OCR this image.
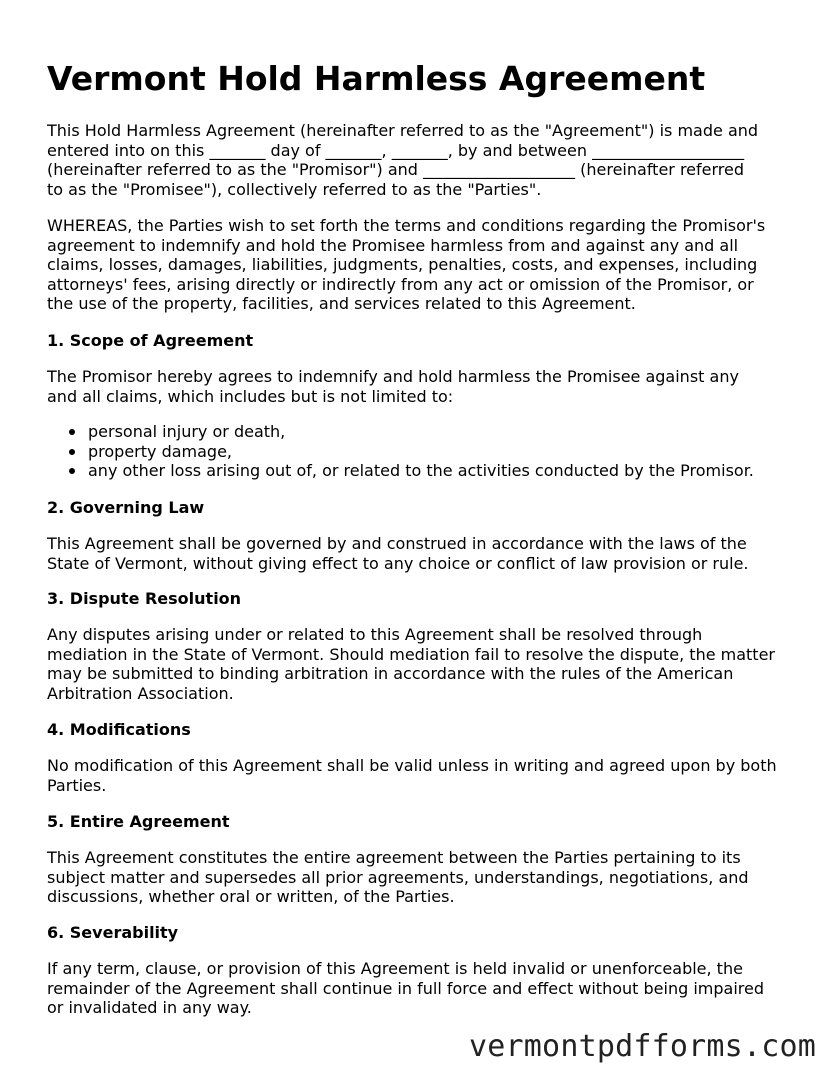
Vermont Hold Harmless Agreement

This Hold Harmless Agreement (hereinafter referred to as the "Agreement") is made and
entered into on this _______ day of _______, _______, by and between ___________________
(hereinafter referred to as the "Promisor") and ___________________ (hereinafter referred
to as the "Promisee"), collectively referred to as the "Parties".

WHEREAS, the Parties wish to set forth the terms and conditions regarding the Promisor's
agreement to indemnify and hold the Promisee harmless from and against any and all
claims, losses, damages, liabilities, judgments, penalties, costs, and expenses, including
attorneys' fees, arising directly or indirectly from any act or omission of the Promisor, or
the use of the property, facilities, and services related to this Agreement.

1. Scope of Agreement

The Promisor hereby agrees to indemnify and hold harmless the Promisee against any
and all claims, which includes but is not limited to:

personal injury or death,
property damage,
any other loss arising out of, or related to the activities conducted by the Promisor.

2. Governing Law

This Agreement shall be governed by and construed in accordance with the laws of the
State of Vermont, without giving effect to any choice or conflict of law provision or rule.

3. Dispute Resolution

Any disputes arising under or related to this Agreement shall be resolved through
mediation in the State of Vermont. Should mediation fail to resolve the dispute, the matter
may be submitted to binding arbitration in accordance with the rules of the American
Arbitration Association.

4. Modifications

No modification of this Agreement shall be valid unless in writing and agreed upon by both
Parties.

5. Entire Agreement

This Agreement constitutes the entire agreement between the Parties pertaining to its
subject matter and supersedes all prior agreements, understandings, negotiations, and
discussions, whether oral or written, of the Parties.

6. Severability

If any term, clause, or provision of this Agreement is held invalid or unenforceable, the
remainder of the Agreement shall continue in full force and effect without being impaired
or invalidated in any way.

vermontpdfforms.com
